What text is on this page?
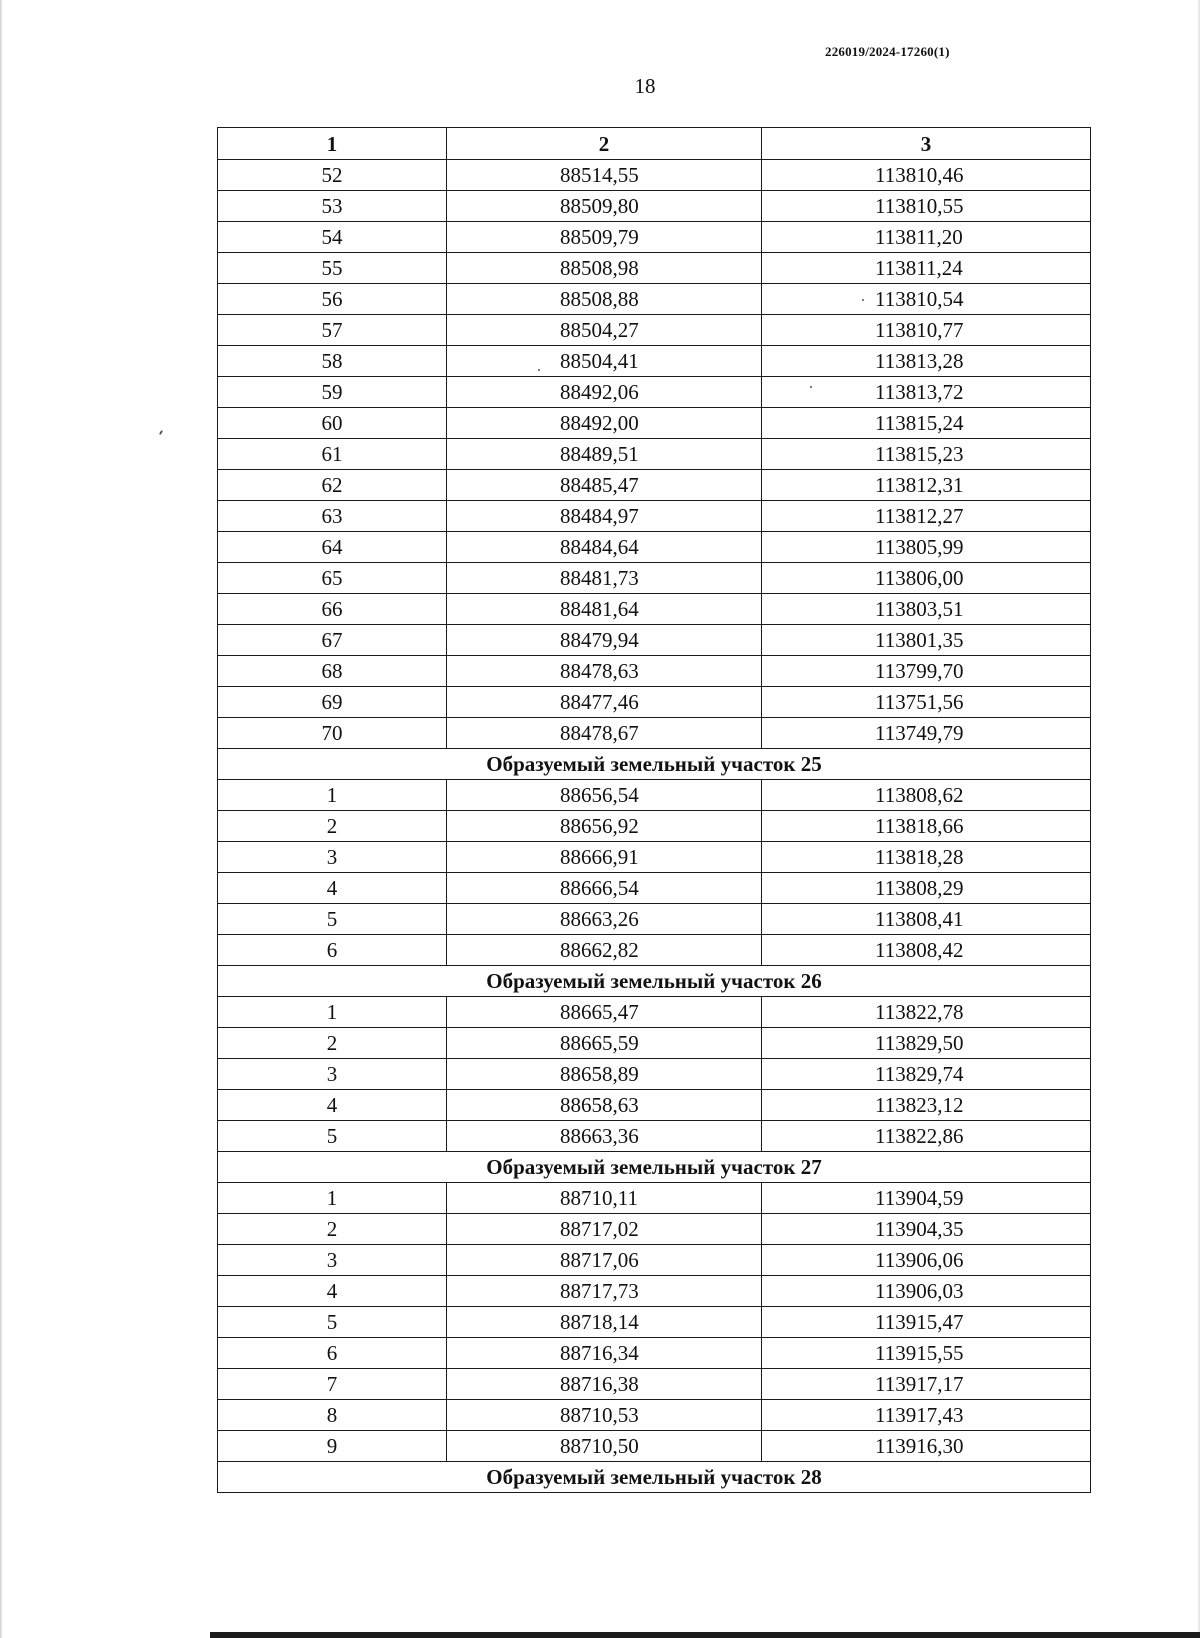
226019/2024-17260(1)
18
1	2	3
52	88514,55	113810,46
53	88509,80	113810,55
54	88509,79	113811,20
55	88508,98	113811,24
56	88508,88	113810,54
57	88504,27	113810,77
58	88504,41	113813,28
59	88492,06	113813,72
60	88492,00	113815,24
61	88489,51	113815,23
62	88485,47	113812,31
63	88484,97	113812,27
64	88484,64	113805,99
65	88481,73	113806,00
66	88481,64	113803,51
67	88479,94	113801,35
68	88478,63	113799,70
69	88477,46	113751,56
70	88478,67	113749,79
Образуемый земельный участок 25		
1	88656,54	113808,62
2	88656,92	113818,66
3	88666,91	113818,28
4	88666,54	113808,29
5	88663,26	113808,41
6	88662,82	113808,42
Образуемый земельный участок 26		
1	88665,47	113822,78
2	88665,59	113829,50
3	88658,89	113829,74
4	88658,63	113823,12
5	88663,36	113822,86
Образуемый земельный участок 27		
1	88710,11	113904,59
2	88717,02	113904,35
3	88717,06	113906,06
4	88717,73	113906,03
5	88718,14	113915,47
6	88716,34	113915,55
7	88716,38	113917,17
8	88710,53	113917,43
9	88710,50	113916,30
Образуемый земельный участок 28		
